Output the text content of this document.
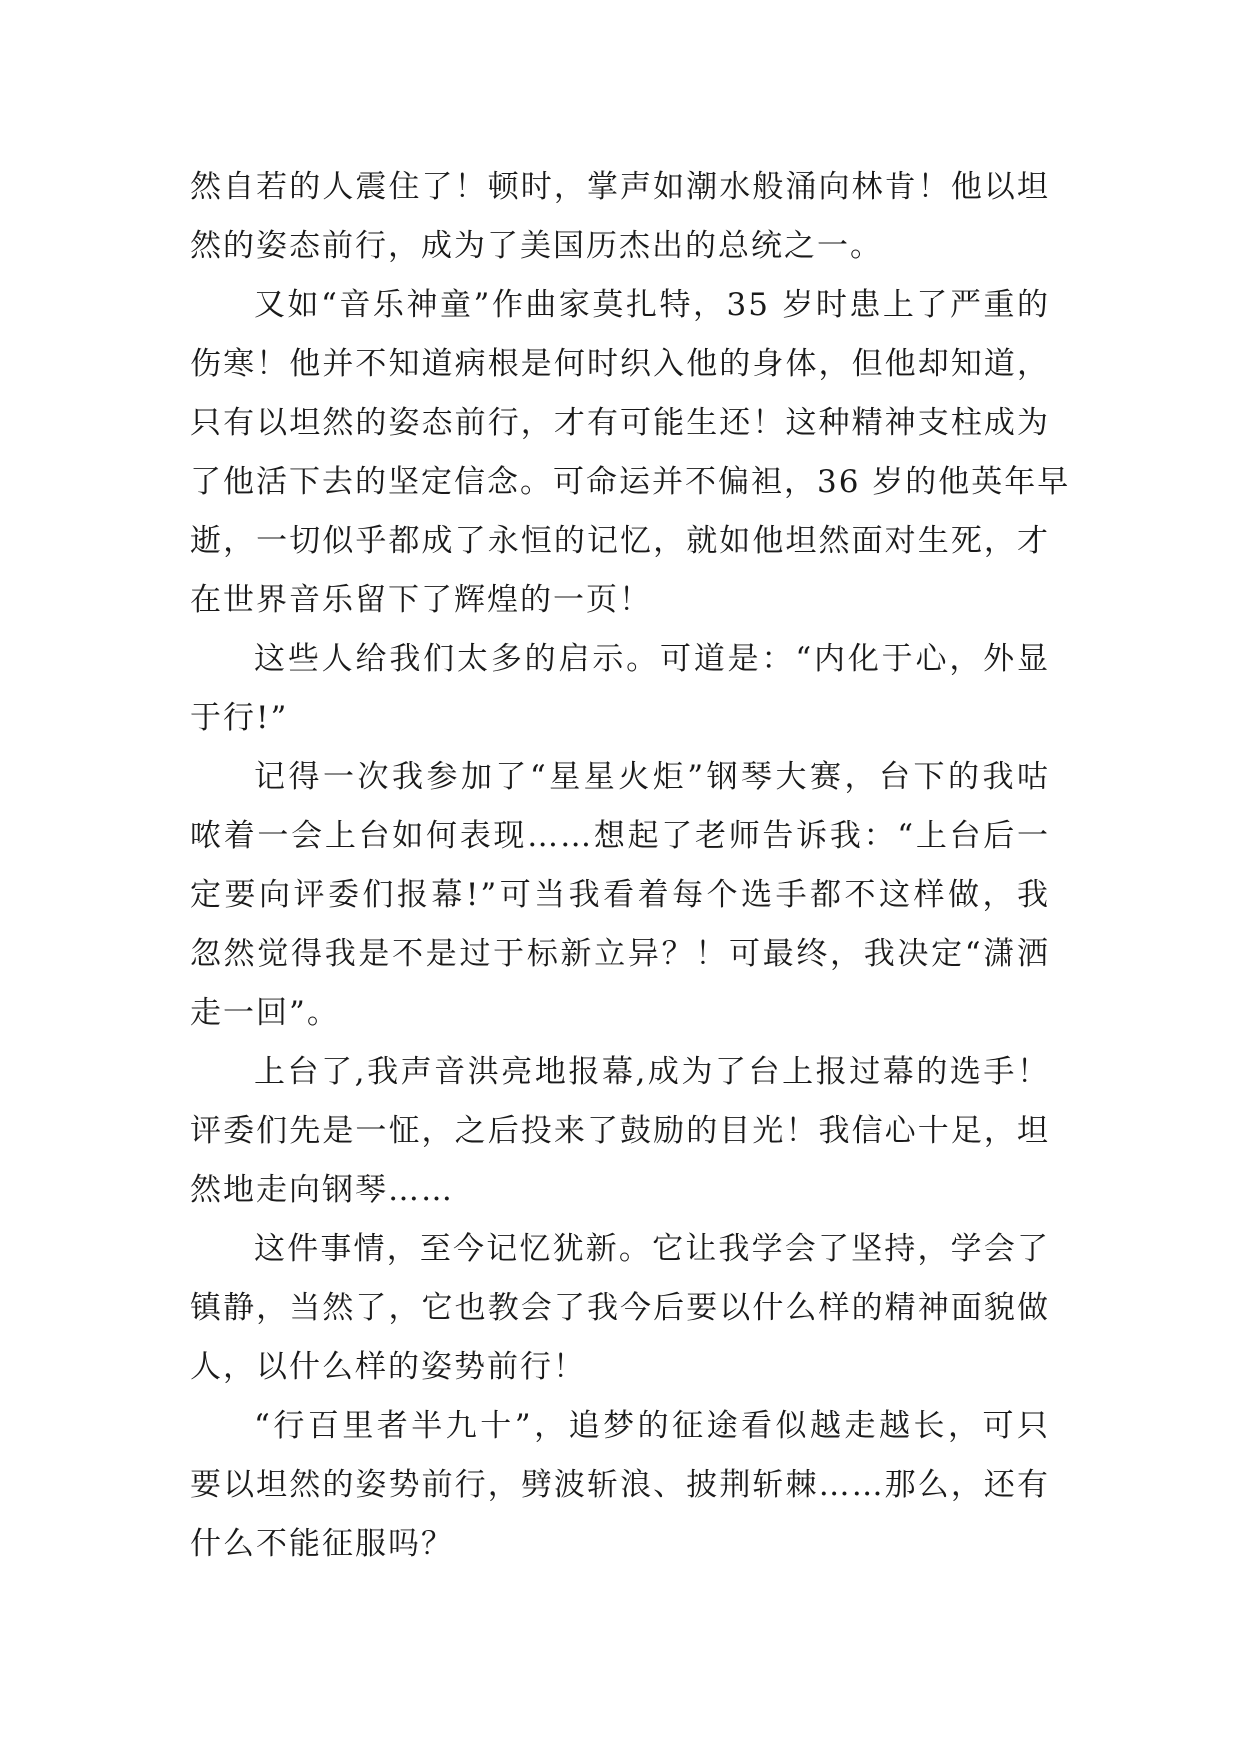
然自若的人震住了！顿时，掌声如潮水般涌向林肯！他以坦
然的姿态前行，成为了美国历杰出的总统之一。
又如“音乐神童”作曲家莫扎特，35 岁时患上了严重的
伤寒！他并不知道病根是何时织入他的身体，但他却知道，
只有以坦然的姿态前行，才有可能生还！这种精神支柱成为
了他活下去的坚定信念。可命运并不偏袒，36 岁的他英年早
逝，一切似乎都成了永恒的记忆，就如他坦然面对生死，才
在世界音乐留下了辉煌的一页！
这些人给我们太多的启示。可道是：“内化于心，外显
于行!”
记得一次我参加了“星星火炬”钢琴大赛，台下的我咕
哝着一会上台如何表现……想起了老师告诉我：“上台后一
定要向评委们报幕!”可当我看着每个选手都不这样做，我
忽然觉得我是不是过于标新立异？！可最终，我决定“潇洒
走一回”。
上台了,我声音洪亮地报幕,成为了台上报过幕的选手！
评委们先是一怔，之后投来了鼓励的目光！我信心十足，坦
然地走向钢琴……
这件事情，至今记忆犹新。它让我学会了坚持，学会了
镇静，当然了，它也教会了我今后要以什么样的精神面貌做
人，以什么样的姿势前行！
“行百里者半九十”，追梦的征途看似越走越长，可只
要以坦然的姿势前行，劈波斩浪、披荆斩棘……那么，还有
什么不能征服吗？
